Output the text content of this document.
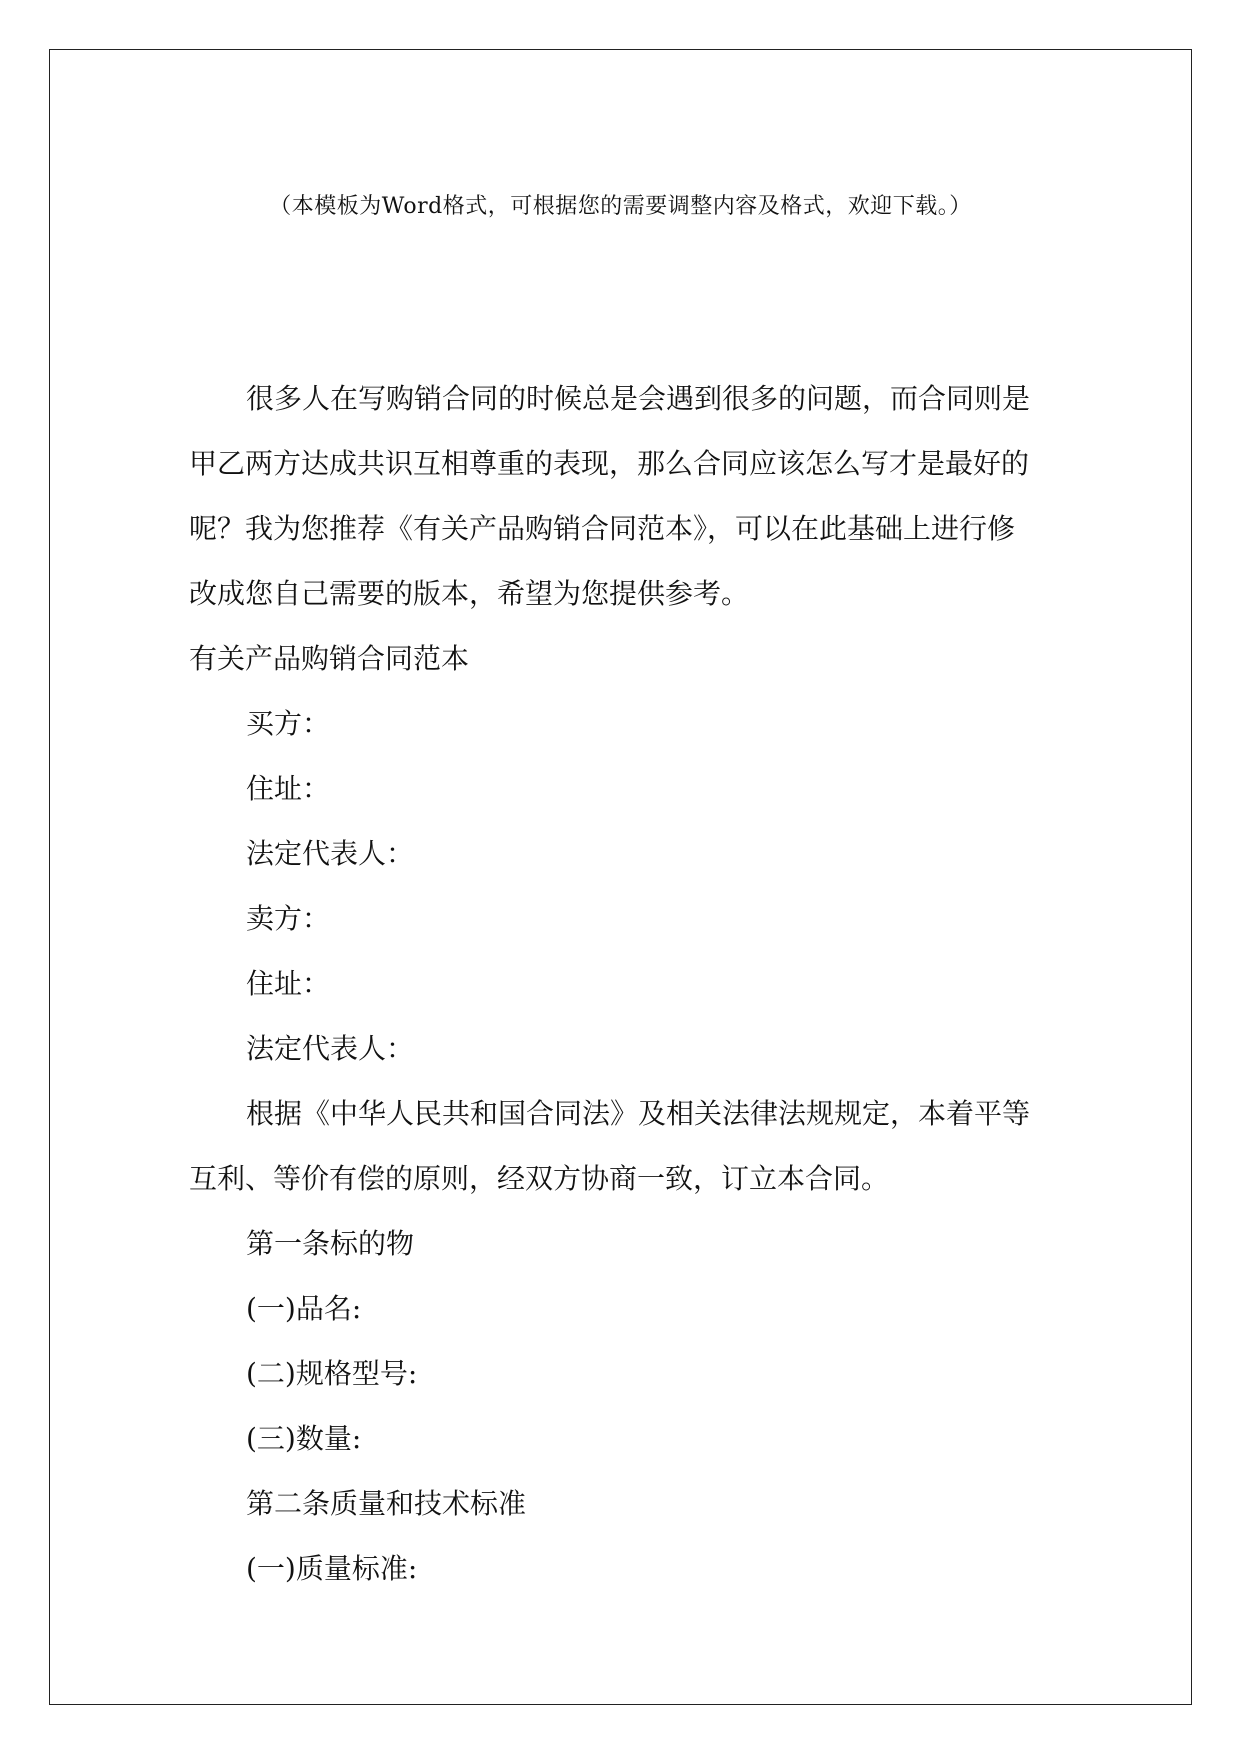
（本模板为Word格式，可根据您的需要调整内容及格式，欢迎下载。）
很多人在写购销合同的时候总是会遇到很多的问题，而合同则是
甲乙两方达成共识互相尊重的表现，那么合同应该怎么写才是最好的
呢？我为您推荐《有关产品购销合同范本》，可以在此基础上进行修
改成您自己需要的版本，希望为您提供参考。

有关产品购销合同范本

买方：

住址：

法定代表人：

卖方：

住址：

法定代表人：

根据《中华人民共和国合同法》及相关法律法规规定，本着平等
互利、等价有偿的原则，经双方协商一致，订立本合同。

第一条标的物

(一)品名:

(二)规格型号:

(三)数量:

第二条质量和技术标准

(一)质量标准:
